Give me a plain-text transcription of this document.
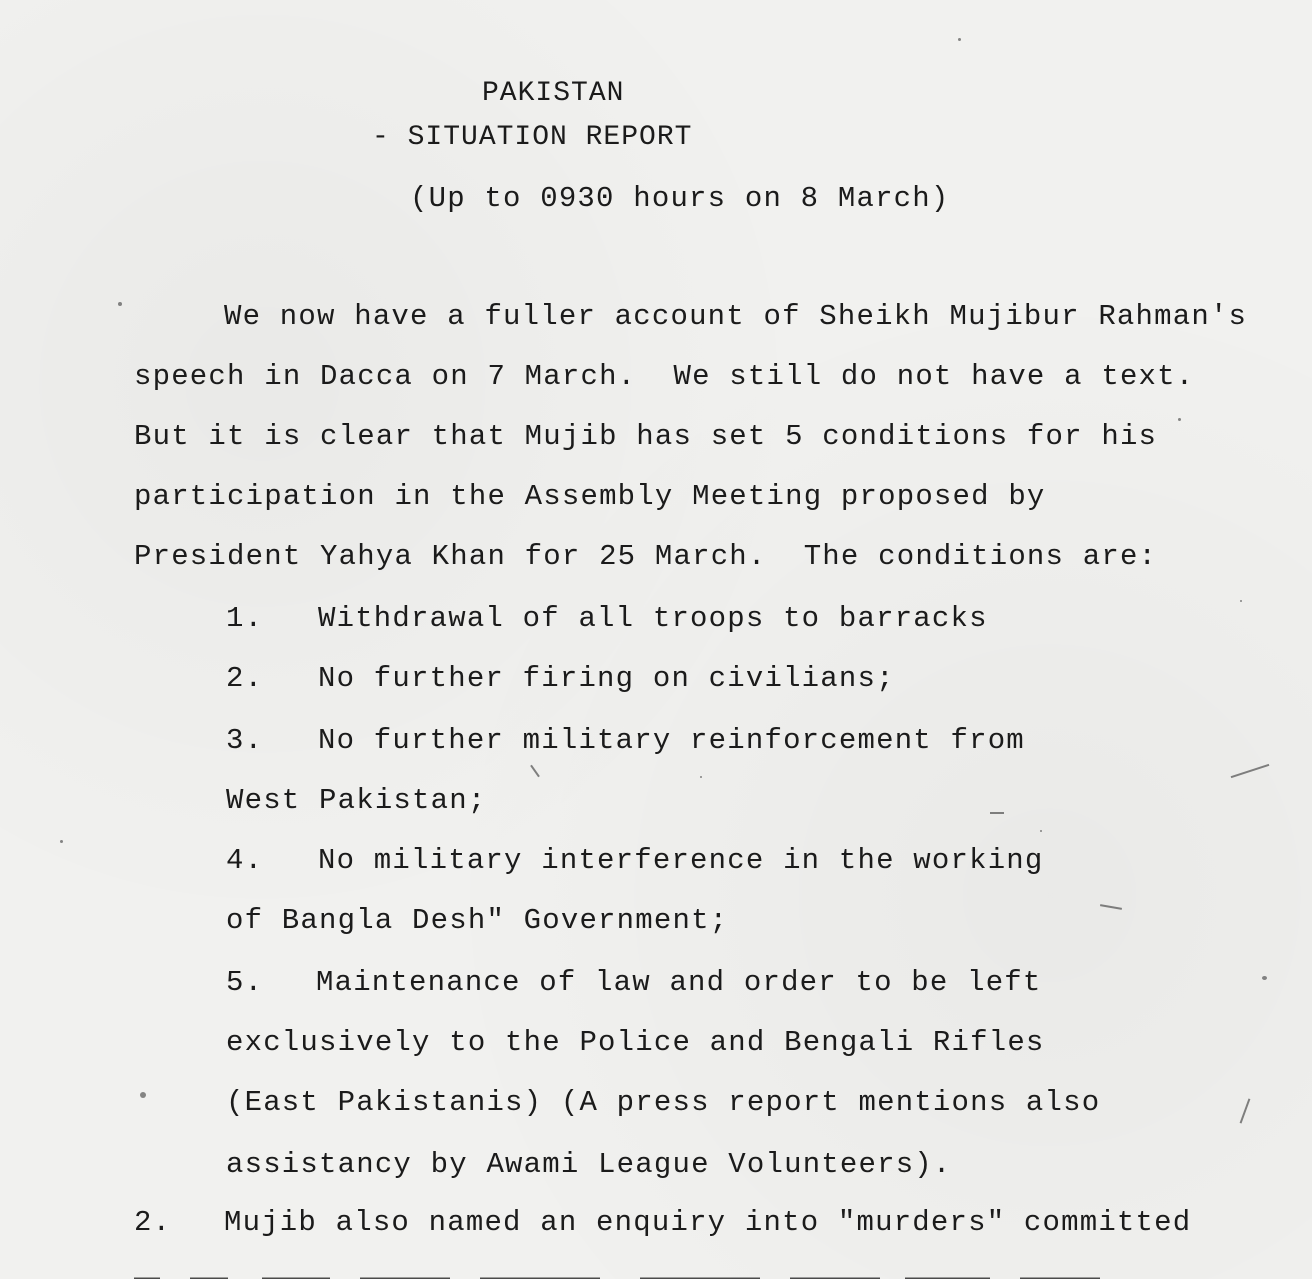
PAKISTAN
- SITUATION REPORT
(Up to 0930 hours on 8 March)
We now have a fuller account of Sheikh Mujibur Rahman's
speech in Dacca on 7 March.  We still do not have a text.
But it is clear that Mujib has set 5 conditions for his
participation in the Assembly Meeting proposed by
President Yahya Khan for 25 March.  The conditions are:
1. Withdrawal of all troops to barracks
2. No further firing on civilians;
3. No further military reinforcement from
West Pakistan;
4. No military interference in the working
of Bangla Desh" Government;
5. Maintenance of law and order to be left
exclusively to the Police and Bengali Rifles
(East Pakistanis) (A press report mentions also
assistancy by Awami League Volunteers).
2. Mujib also named an enquiry into "murders" committed
